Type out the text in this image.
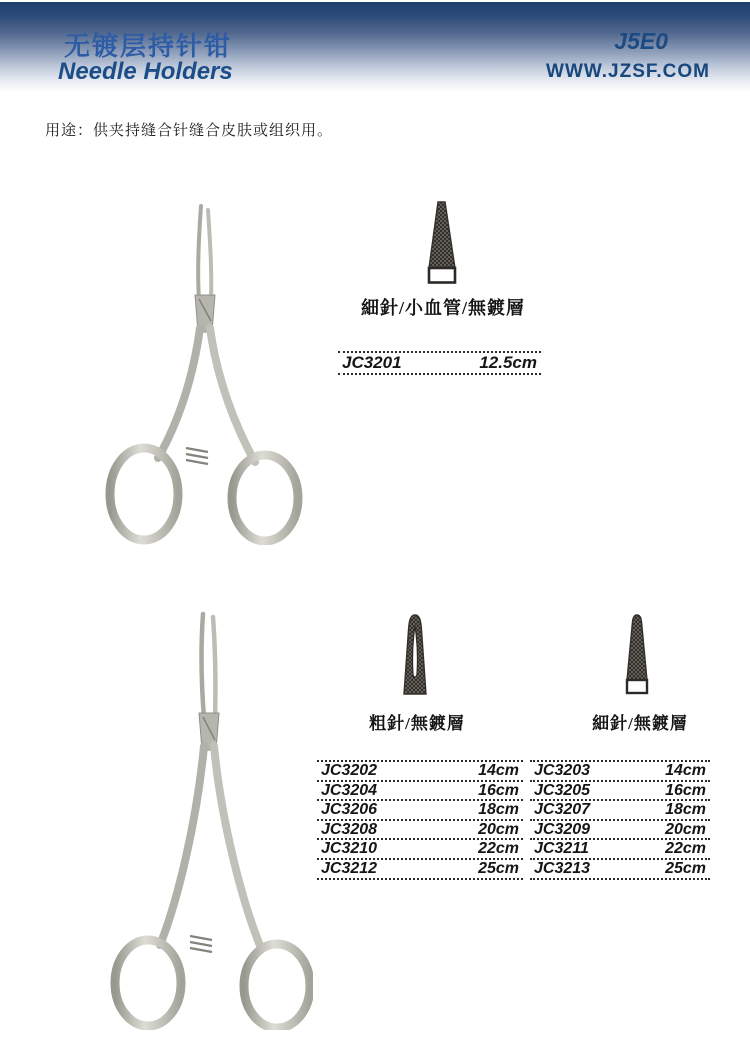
无镀层持针钳
Needle Holders
J5E0
WWW.JZSF.COM
用途：供夹持缝合针缝合皮肤或组织用。
細針/小血管/無鍍層
JC3201	12.5cm
粗針/無鍍層	細針/無鍍層
JC3202	14cm
JC3204	16cm
JC3206	18cm
JC3208	20cm
JC3210	22cm
JC3212	25cm
JC3203	14cm
JC3205	16cm
JC3207	18cm
JC3209	20cm
JC3211	22cm
JC3213	25cm
